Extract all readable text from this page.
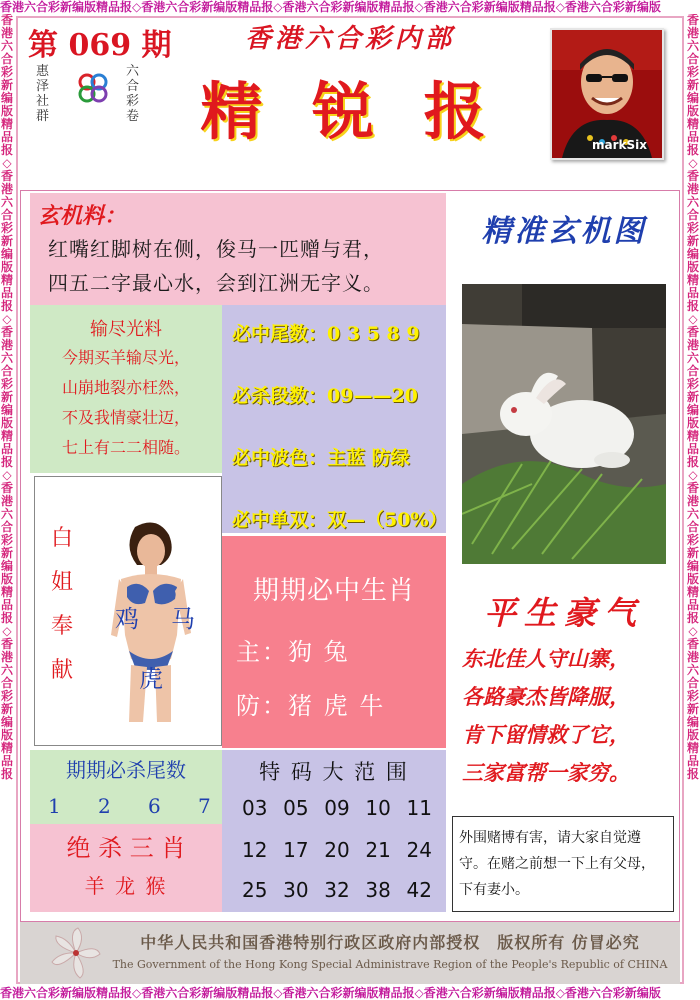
香港六合彩新编版精品报◇香港六合彩新编版精品报◇香港六合彩新编版精品报◇香港六合彩新编版精品报◇香港六合彩新编版
香港六合彩新编版精品报◇香港六合彩新编版精品报◇香港六合彩新编版精品报◇香港六合彩新编版精品报◇香港六合彩新编版
香港六合彩新编版精品报◇香港六合彩新编版精品报◇香港六合彩新编版精品报◇香港六合彩新编版精品报◇香港六合彩新编版精品报
香港六合彩新编版精品报◇香港六合彩新编版精品报◇香港六合彩新编版精品报◇香港六合彩新编版精品报◇香港六合彩新编版精品报
第 069 期
惠泽社群
六合彩卷
香港六合彩内部
精 锐 报	markSix
玄机料：
红嘴红脚树在侧，俊马一匹赠与君，
四五二字最心水，会到江洲无字义。
输尽光料
今期买羊输尽光，
山崩地裂亦枉然，
不及我情豪壮迈，
七上有二二相随。
必中尾数：0 3 5 8 9
必杀段数：09——20
必中波色：主蓝 防绿
必中单双：双—（50%）
白
姐
奉
献
鸡 马
虎
期期必中生肖
主：狗 兔
防：猪 虎 牛
期期必杀尾数
1 2 6 7
绝 杀 三 肖
羊 龙 猴
特 码 大 范 围
03 05 09 10 11
12 17 20 21 24
25 30 32 38 42
精准玄机图
平生豪气
东北佳人守山寨，
各路豪杰皆降服，
肯下留情救了它，
三家富帮一家穷。
外围赌博有害，请大家自觉遵守。在赌之前想一下上有父母，下有妻小。
中华人民共和国香港特别行政区政府内部授权　版权所有 仿冒必究
The Government of the Hong Kong Special Administrave Region of the People's Republic of CHINA
